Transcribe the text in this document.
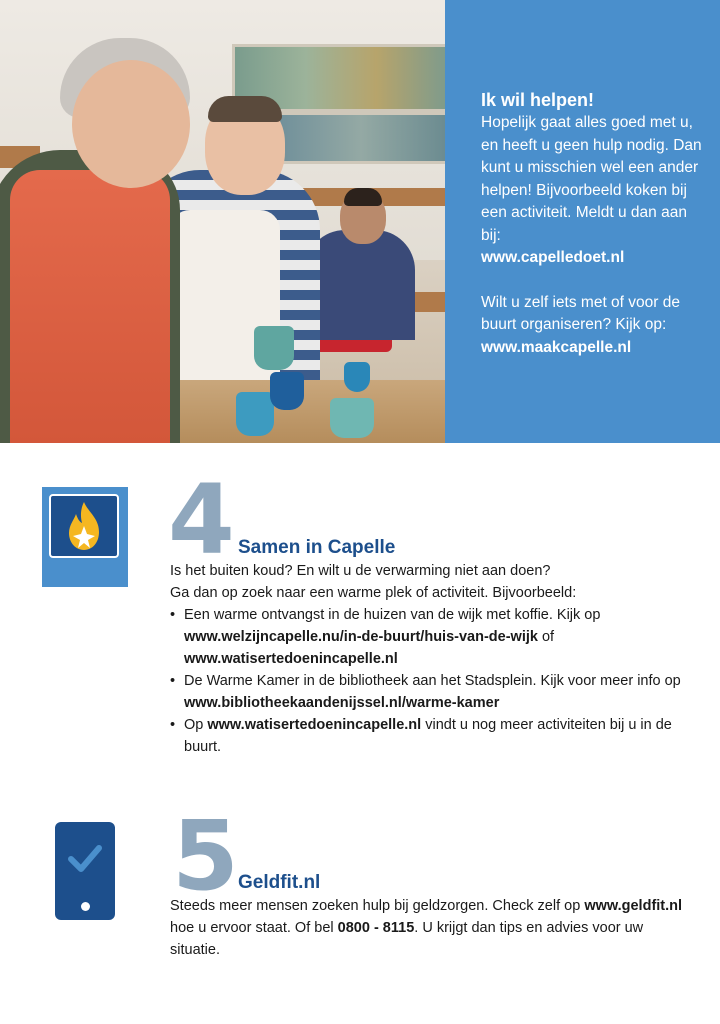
Ik wil helpen!

Hopelijk gaat alles goed met u, en heeft u geen hulp nodig. Dan kunt u misschien wel een ander helpen! Bijvoorbeeld koken bij een activiteit. Meldt u dan aan bij:

www.capelledoet.nl

Wilt u zelf iets met of voor de buurt organiseren? Kijk op:

www.maakcapelle.nl

4 Samen in Capelle

Is het buiten koud? En wilt u de verwarming niet aan doen?

Ga dan op zoek naar een warme plek of activiteit. Bijvoorbeeld:

• Een warme ontvangst in de huizen van de wijk met koffie. Kijk op
www.welzijncapelle.nu/in-de-buurt/huis-van-de-wijk of
www.watisertedoenincapelle.nl
• De Warme Kamer in de bibliotheek aan het Stadsplein. Kijk voor meer info op www.bibliotheekaandenijssel.nl/warme-kamer
• Op www.watisertedoenincapelle.nl vindt u nog meer activiteiten bij u in de buurt.
5 Geldfit.nl

Steeds meer mensen zoeken hulp bij geldzorgen. Check zelf op www.geldfit.nl hoe u ervoor staat. Of bel 0800 - 8115. U krijgt dan tips en advies voor uw situatie.
